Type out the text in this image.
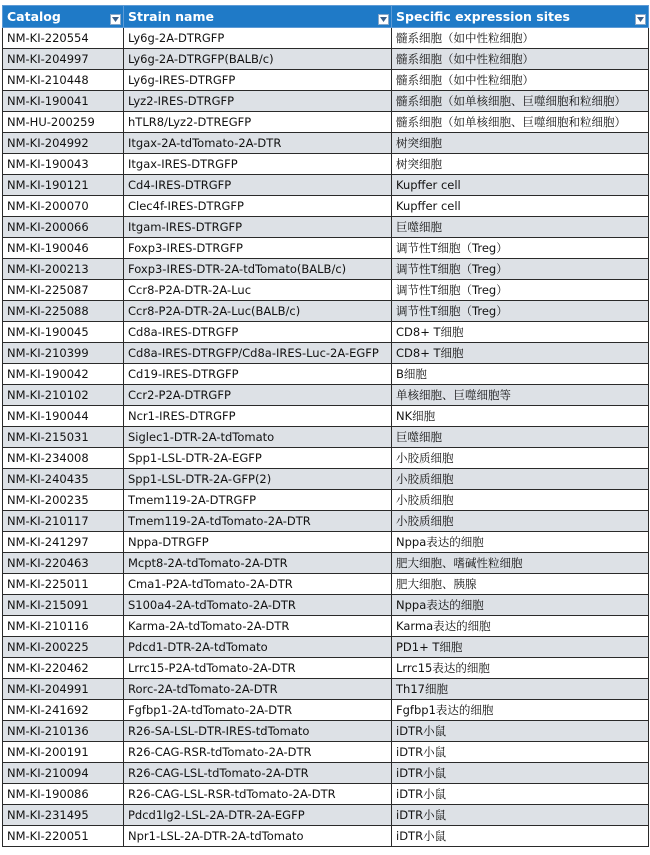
Catalog	Strain name	Specific expression sites

NM-KI-220554	Ly6g-2A-DTRGFP	髓系细胞（如中性粒细胞）
NM-KI-204997	Ly6g-2A-DTRGFP(BALB/c)	髓系细胞（如中性粒细胞）
NM-KI-210448	Ly6g-IRES-DTRGFP	髓系细胞（如中性粒细胞）
NM-KI-190041	Lyz2-IRES-DTRGFP	髓系细胞（如单核细胞、巨噬细胞和粒细胞）
NM-HU-200259	hTLR8/Lyz2-DTREGFP	髓系细胞（如单核细胞、巨噬细胞和粒细胞）
NM-KI-204992	Itgax-2A-tdTomato-2A-DTR	树突细胞
NM-KI-190043	Itgax-IRES-DTRGFP	树突细胞
NM-KI-190121	Cd4-IRES-DTRGFP	Kupffer cell
NM-KI-200070	Clec4f-IRES-DTRGFP	Kupffer cell
NM-KI-200066	Itgam-IRES-DTRGFP	巨噬细胞
NM-KI-190046	Foxp3-IRES-DTRGFP	调节性T细胞（Treg）
NM-KI-200213	Foxp3-IRES-DTR-2A-tdTomato(BALB/c)	调节性T细胞（Treg）
NM-KI-225087	Ccr8-P2A-DTR-2A-Luc	调节性T细胞（Treg）
NM-KI-225088	Ccr8-P2A-DTR-2A-Luc(BALB/c)	调节性T细胞（Treg）
NM-KI-190045	Cd8a-IRES-DTRGFP	CD8+ T细胞
NM-KI-210399	Cd8a-IRES-DTRGFP/Cd8a-IRES-Luc-2A-EGFP	CD8+ T细胞
NM-KI-190042	Cd19-IRES-DTRGFP	B细胞
NM-KI-210102	Ccr2-P2A-DTRGFP	单核细胞、巨噬细胞等
NM-KI-190044	Ncr1-IRES-DTRGFP	NK细胞
NM-KI-215031	Siglec1-DTR-2A-tdTomato	巨噬细胞
NM-KI-234008	Spp1-LSL-DTR-2A-EGFP	小胶质细胞
NM-KI-240435	Spp1-LSL-DTR-2A-GFP(2)	小胶质细胞
NM-KI-200235	Tmem119-2A-DTRGFP	小胶质细胞
NM-KI-210117	Tmem119-2A-tdTomato-2A-DTR	小胶质细胞
NM-KI-241297	Nppa-DTRGFP	Nppa表达的细胞
NM-KI-220463	Mcpt8-2A-tdTomato-2A-DTR	肥大细胞、嗜碱性粒细胞
NM-KI-225011	Cma1-P2A-tdTomato-2A-DTR	肥大细胞、胰腺
NM-KI-215091	S100a4-2A-tdTomato-2A-DTR	Nppa表达的细胞
NM-KI-210116	Karma-2A-tdTomato-2A-DTR	Karma表达的细胞
NM-KI-200225	Pdcd1-DTR-2A-tdTomato	PD1+ T细胞
NM-KI-220462	Lrrc15-P2A-tdTomato-2A-DTR	Lrrc15表达的细胞
NM-KI-204991	Rorc-2A-tdTomato-2A-DTR	Th17细胞
NM-KI-241692	Fgfbp1-2A-tdTomato-2A-DTR	Fgfbp1表达的细胞
NM-KI-210136	R26-SA-LSL-DTR-IRES-tdTomato	iDTR小鼠
NM-KI-200191	R26-CAG-RSR-tdTomato-2A-DTR	iDTR小鼠
NM-KI-210094	R26-CAG-LSL-tdTomato-2A-DTR	iDTR小鼠
NM-KI-190086	R26-CAG-LSL-RSR-tdTomato-2A-DTR	iDTR小鼠
NM-KI-231495	Pdcd1lg2-LSL-2A-DTR-2A-EGFP	iDTR小鼠
NM-KI-220051	Npr1-LSL-2A-DTR-2A-tdTomato	iDTR小鼠
